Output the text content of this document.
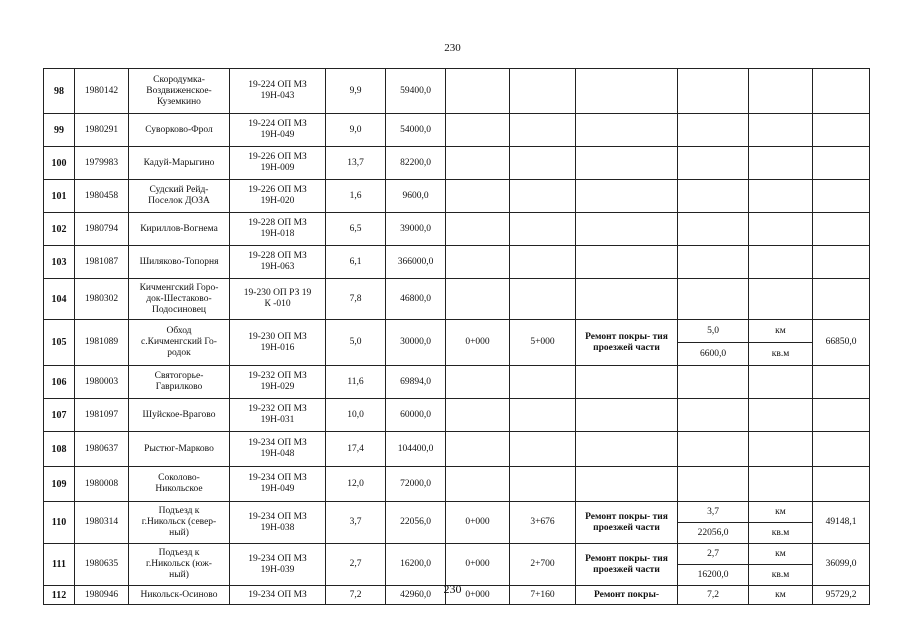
230
98	1980142	Скородумка-
Воздвиженское-
Куземкино	19-224 ОП МЗ
19Н-043	9,9	59400,0						
99	1980291	Суворково-Фрол	19-224 ОП МЗ
19Н-049	9,0	54000,0						
100	1979983	Кадуй-Марыгино	19-226 ОП МЗ
19Н-009	13,7	82200,0						
101	1980458	Судский Рейд-
Поселок ДОЗА	19-226 ОП МЗ
19Н-020	1,6	9600,0						
102	1980794	Кириллов-Вогнема	19-228 ОП МЗ
19Н-018	6,5	39000,0						
103	1981087	Шиляково-Топорня	19-228 ОП МЗ
19Н-063	6,1	366000,0						
104	1980302	Кичменгский Горо-
док-Шестаково-
Подосиновец	19-230 ОП РЗ 19
К -010	7,8	46800,0						
105	1981089	Обход
с.Кичменгский Го-
родок	19-230 ОП МЗ
19Н-016	5,0	30000,0	0+000	5+000	Ремонт покры- тия проезжей части	5,0	км	66850,0
									6600,0	кв.м	
106	1980003	Святогорье-
Гаврилково	19-232 ОП МЗ
19Н-029	11,6	69894,0						
107	1981097	Шуйское-Врагово	19-232 ОП МЗ
19Н-031	10,0	60000,0						
108	1980637	Рыстюг-Марково	19-234 ОП МЗ
19Н-048	17,4	104400,0						
109	1980008	Соколово-
Никольское	19-234 ОП МЗ
19Н-049	12,0	72000,0						
110	1980314	Подъезд к
г.Никольск (север-
ный)	19-234 ОП МЗ
19Н-038	3,7	22056,0	0+000	3+676	Ремонт покры- тия проезжей части	3,7	км	49148,1
									22056,0	кв.м	
111	1980635	Подъезд к
г.Никольск (юж-
ный)	19-234 ОП МЗ
19Н-039	2,7	16200,0	0+000	2+700	Ремонт покры- тия проезжей части	2,7	км	36099,0
									16200,0	кв.м	
112	1980946	Никольск-Осиново	19-234 ОП МЗ	7,2	42960,0	0+000	7+160	Ремонт покры-	7,2	км	95729,2
230
